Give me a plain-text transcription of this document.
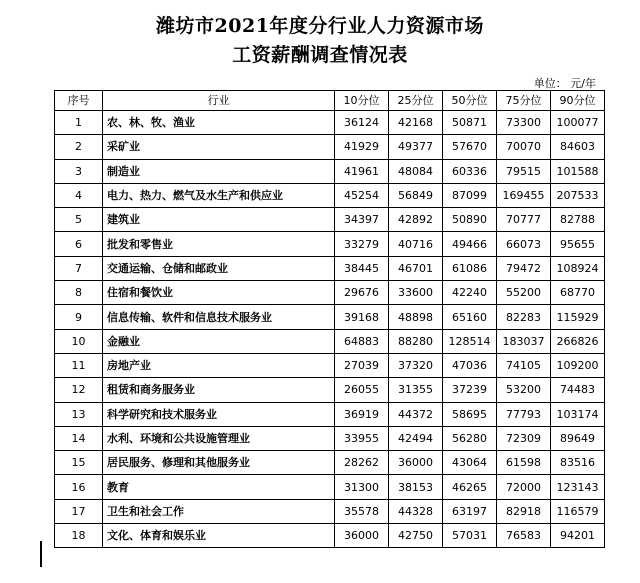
潍坊市2021年度分行业人力资源市场
工资薪酬调查情况表
单位： 元/年
序号	行业	10分位	25分位	50分位	75分位	90分位
1	农、林、牧、渔业	36124	42168	50871	73300	100077
2	采矿业	41929	49377	57670	70070	84603
3	制造业	41961	48084	60336	79515	101588
4	电力、热力、燃气及水生产和供应业	45254	56849	87099	169455	207533
5	建筑业	34397	42892	50890	70777	82788
6	批发和零售业	33279	40716	49466	66073	95655
7	交通运输、仓储和邮政业	38445	46701	61086	79472	108924
8	住宿和餐饮业	29676	33600	42240	55200	68770
9	信息传输、软件和信息技术服务业	39168	48898	65160	82283	115929
10	金融业	64883	88280	128514	183037	266826
11	房地产业	27039	37320	47036	74105	109200
12	租赁和商务服务业	26055	31355	37239	53200	74483
13	科学研究和技术服务业	36919	44372	58695	77793	103174
14	水利、环境和公共设施管理业	33955	42494	56280	72309	89649
15	居民服务、修理和其他服务业	28262	36000	43064	61598	83516
16	教育	31300	38153	46265	72000	123143
17	卫生和社会工作	35578	44328	63197	82918	116579
18	文化、体育和娱乐业	36000	42750	57031	76583	94201
